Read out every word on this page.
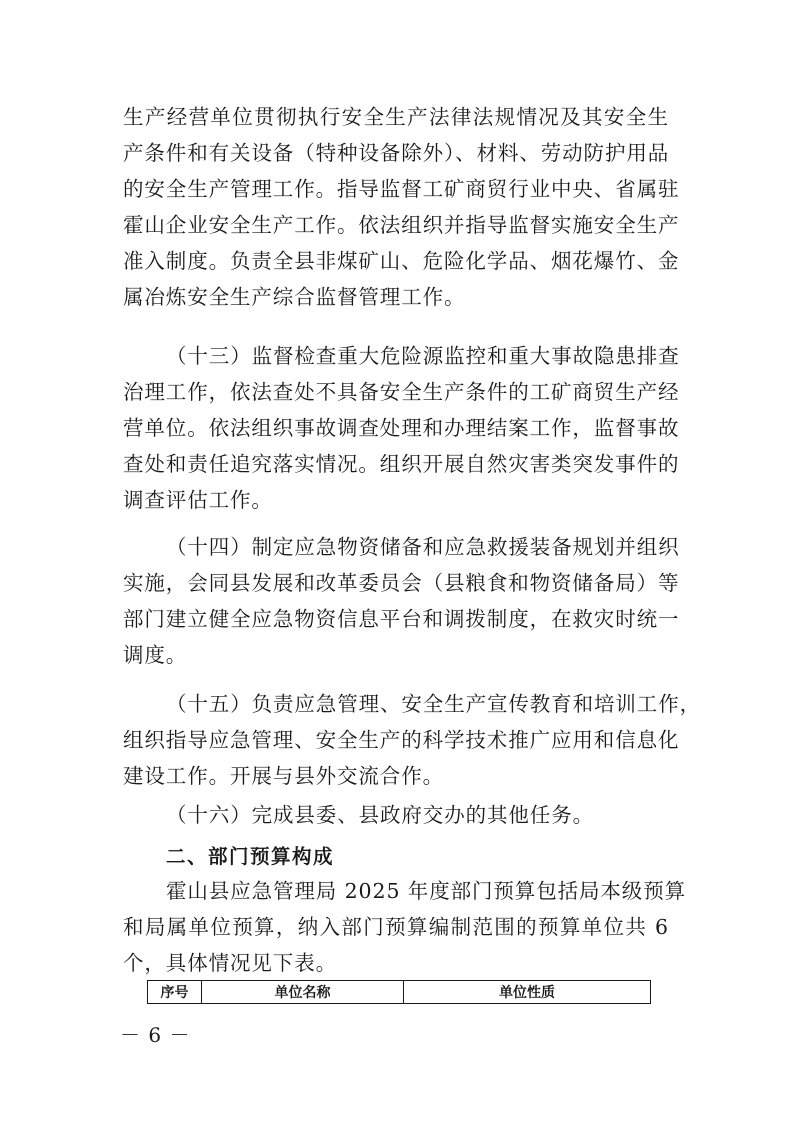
生产经营单位贯彻执行安全生产法律法规情况及其安全生
产条件和有关设备（特种设备除外）、材料、劳动防护用品
的安全生产管理工作。指导监督工矿商贸行业中央、省属驻
霍山企业安全生产工作。依法组织并指导监督实施安全生产
准入制度。负责全县非煤矿山、危险化学品、烟花爆竹、金
属冶炼安全生产综合监督管理工作。
（十三）监督检查重大危险源监控和重大事故隐患排查
治理工作，依法查处不具备安全生产条件的工矿商贸生产经
营单位。依法组织事故调查处理和办理结案工作，监督事故
查处和责任追究落实情况。组织开展自然灾害类突发事件的
调查评估工作。
（十四）制定应急物资储备和应急救援装备规划并组织
实施，会同县发展和改革委员会（县粮食和物资储备局）等
部门建立健全应急物资信息平台和调拨制度，在救灾时统一
调度。
（十五）负责应急管理、安全生产宣传教育和培训工作，
组织指导应急管理、安全生产的科学技术推广应用和信息化
建设工作。开展与县外交流合作。
（十六）完成县委、县政府交办的其他任务。
二、部门预算构成
霍山县应急管理局 2025 年度部门预算包括局本级预算
和局属单位预算，纳入部门预算编制范围的预算单位共 6
个，具体情况见下表。
序号	单位名称	单位性质
－ 6 －
